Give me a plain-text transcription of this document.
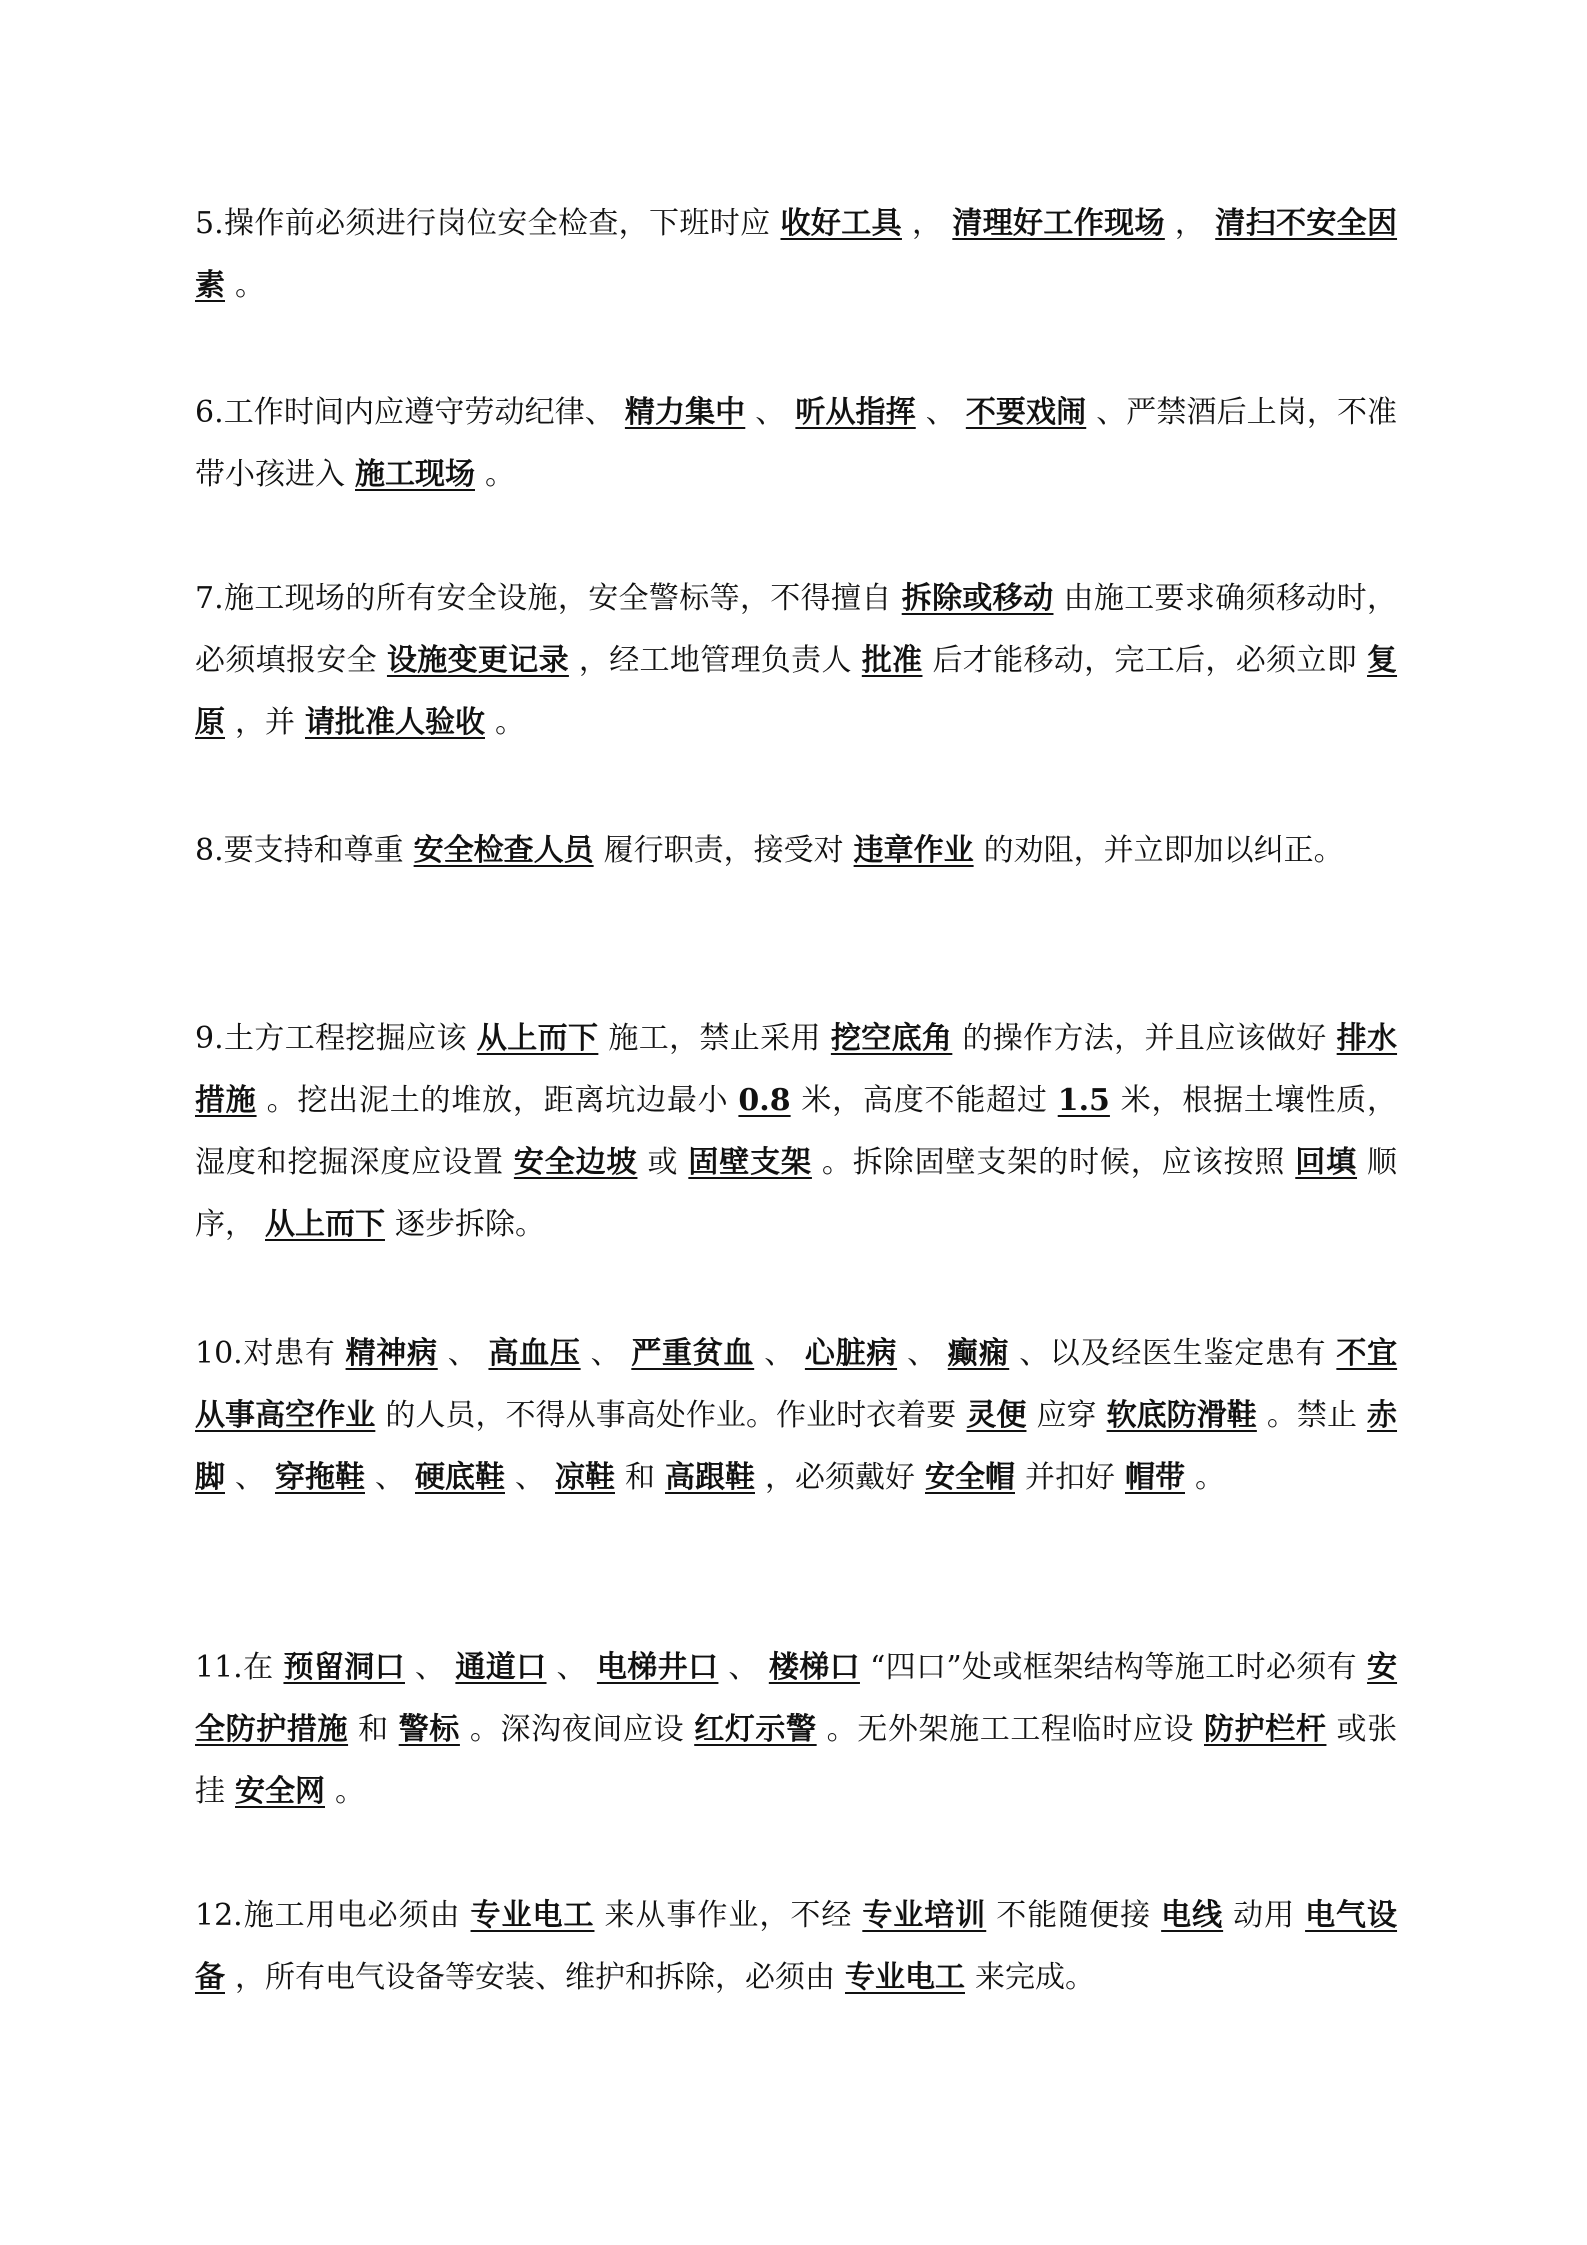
5.操作前必须进行岗位安全检查，下班时应 收好工具 ， 清理好工作现场 ， 清扫不安全因素 。

6.工作时间内应遵守劳动纪律、 精力集中 、 听从指挥 、 不要戏闹 、严禁酒后上岗，不准带小孩进入 施工现场 。

7.施工现场的所有安全设施，安全警标等，不得擅自 拆除或移动 由施工要求确须移动时，必须填报安全 设施变更记录 ，经工地管理负责人 批准 后才能移动，完工后，必须立即 复原 ，并 请批准人验收 。

8.要支持和尊重 安全检查人员 履行职责，接受对 违章作业 的劝阻，并立即加以纠正。

9.土方工程挖掘应该 从上而下 施工，禁止采用 挖空底角 的操作方法，并且应该做好 排水措施 。挖出泥土的堆放，距离坑边最小 0.8 米，高度不能超过 1.5 米，根据土壤性质，湿度和挖掘深度应设置 安全边坡 或 固壁支架 。拆除固壁支架的时候，应该按照 回填 顺序， 从上而下 逐步拆除。

10.对患有 精神病 、 高血压 、 严重贫血 、 心脏病 、 癫痫 、以及经医生鉴定患有 不宜从事高空作业 的人员，不得从事高处作业。作业时衣着要 灵便 应穿 软底防滑鞋 。禁止 赤脚 、 穿拖鞋 、 硬底鞋 、 凉鞋 和 高跟鞋 ，必须戴好 安全帽 并扣好 帽带 。

11.在 预留洞口 、 通道口 、 电梯井口 、 楼梯口 “四口”处或框架结构等施工时必须有 安全防护措施 和 警标 。深沟夜间应设 红灯示警 。无外架施工工程临时应设 防护栏杆 或张挂 安全网 。

12.施工用电必须由 专业电工 来从事作业，不经 专业培训 不能随便接 电线 动用 电气设备 ，所有电气设备等安装、维护和拆除，必须由 专业电工 来完成。
